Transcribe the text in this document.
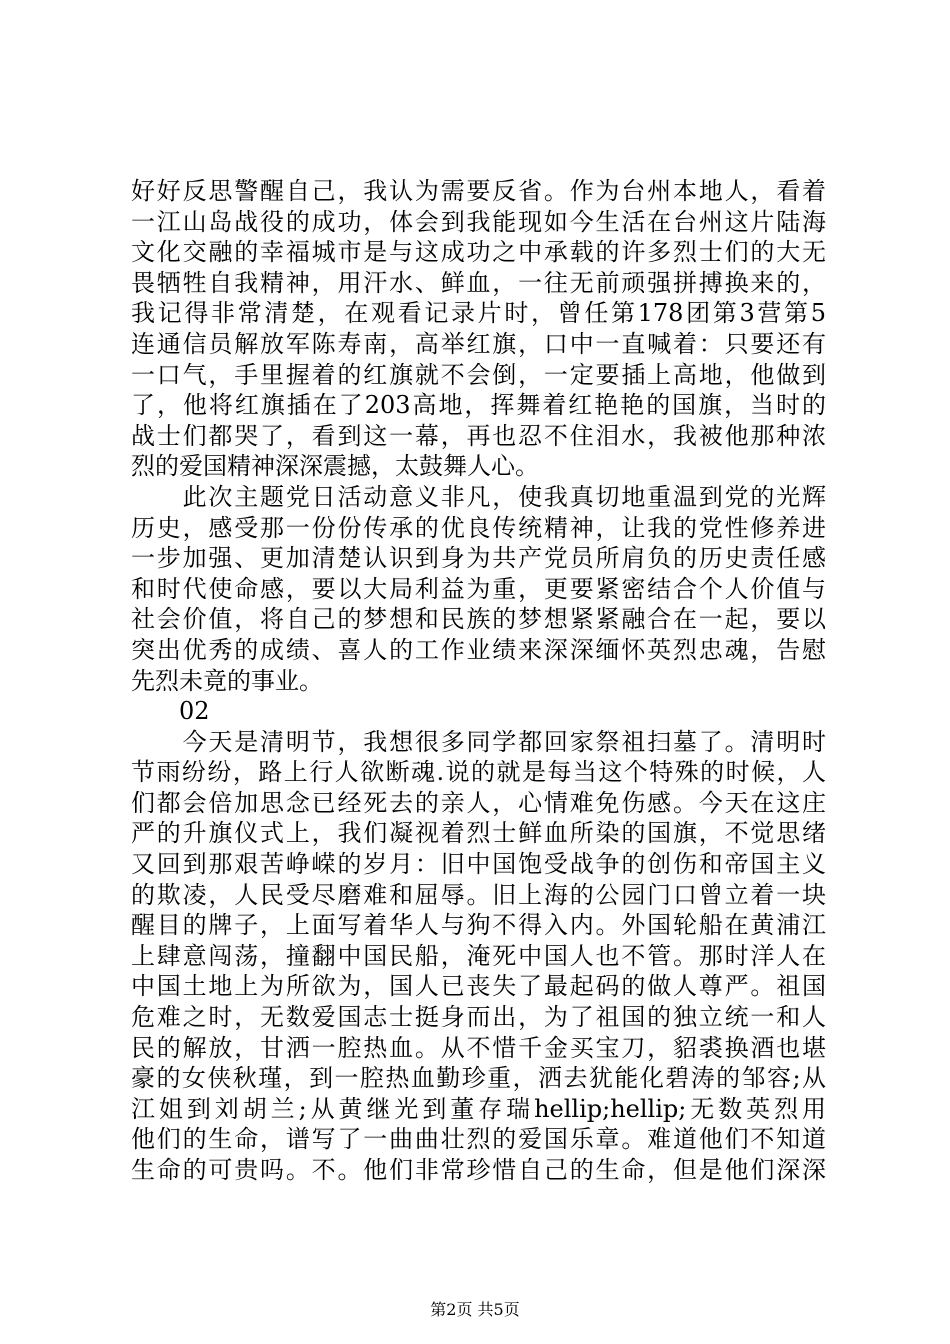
好好反思警醒自己，我认为需要反省。作为台州本地人，看着
一江山岛战役的成功，体会到我能现如今生活在台州这片陆海
文化交融的幸福城市是与这成功之中承载的许多烈士们的大无
畏牺牲自我精神，用汗水、鲜血，一往无前顽强拼搏换来的，
我记得非常清楚，在观看记录片时，曾任第178团第3营第5
连通信员解放军陈寿南，高举红旗，口中一直喊着：只要还有
一口气，手里握着的红旗就不会倒，一定要插上高地，他做到
了，他将红旗插在了203高地，挥舞着红艳艳的国旗，当时的
战士们都哭了，看到这一幕，再也忍不住泪水，我被他那种浓
烈的爱国精神深深震撼，太鼓舞人心。
　　此次主题党日活动意义非凡，使我真切地重温到党的光辉
历史，感受那一份份传承的优良传统精神，让我的党性修养进
一步加强、更加清楚认识到身为共产党员所肩负的历史责任感
和时代使命感，要以大局利益为重，更要紧密结合个人价值与
社会价值，将自己的梦想和民族的梦想紧紧融合在一起，要以
突出优秀的成绩、喜人的工作业绩来深深缅怀英烈忠魂，告慰
先烈未竟的事业。
02
　　今天是清明节，我想很多同学都回家祭祖扫墓了。清明时
节雨纷纷，路上行人欲断魂.说的就是每当这个特殊的时候，人
们都会倍加思念已经死去的亲人，心情难免伤感。今天在这庄
严的升旗仪式上，我们凝视着烈士鲜血所染的国旗，不觉思绪
又回到那艰苦峥嵘的岁月：旧中国饱受战争的创伤和帝国主义
的欺凌，人民受尽磨难和屈辱。旧上海的公园门口曾立着一块
醒目的牌子，上面写着华人与狗不得入内。外国轮船在黄浦江
上肆意闯荡，撞翻中国民船，淹死中国人也不管。那时洋人在
中国土地上为所欲为，国人已丧失了最起码的做人尊严。祖国
危难之时，无数爱国志士挺身而出，为了祖国的独立统一和人
民的解放，甘洒一腔热血。从不惜千金买宝刀，貂裘换酒也堪
豪的女侠秋瑾，到一腔热血勤珍重，洒去犹能化碧涛的邹容;从
江姐到刘胡兰;从黄继光到董存瑞hellip;hellip;无数英烈用
他们的生命，谱写了一曲曲壮烈的爱国乐章。难道他们不知道
生命的可贵吗。不。他们非常珍惜自己的生命，但是他们深深
第2页 共5页
